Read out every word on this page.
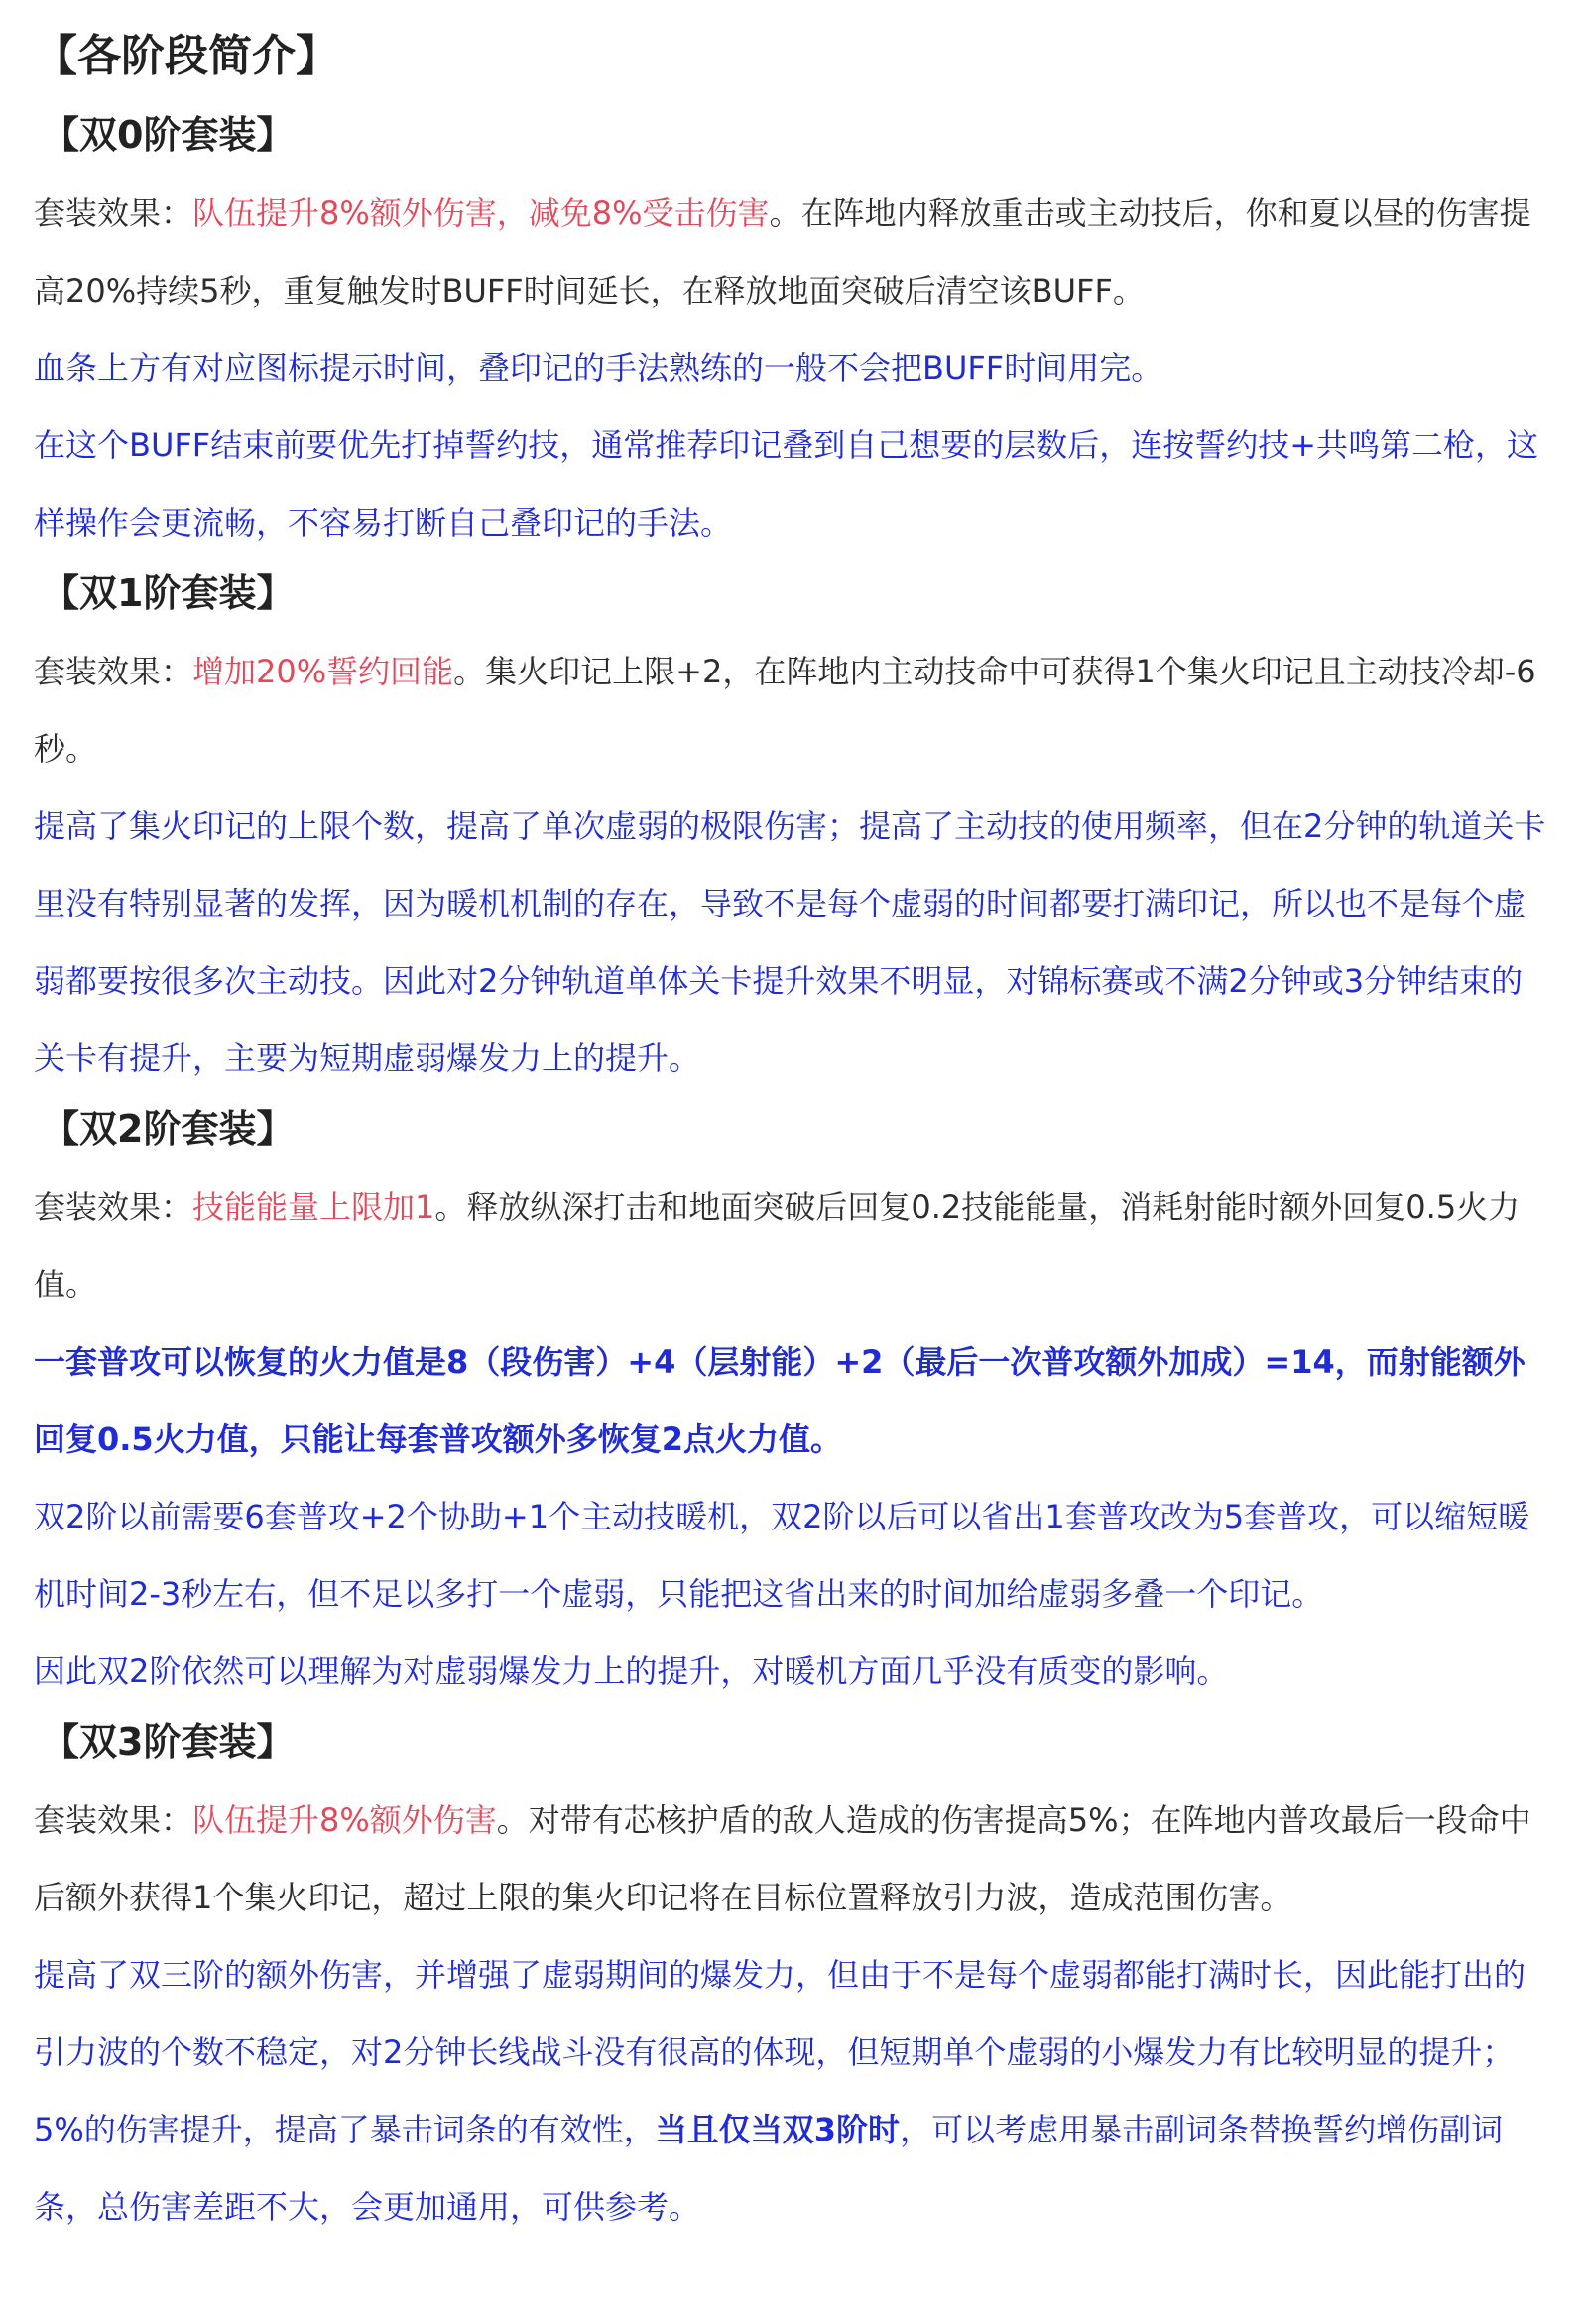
【各阶段简介】
【双0阶套装】

套装效果：队伍提升8%额外伤害，减免8%受击伤害。在阵地内释放重击或主动技后，你和夏以昼的伤害提高20%持续5秒，重复触发时BUFF时间延长，在释放地面突破后清空该BUFF。

血条上方有对应图标提示时间，叠印记的手法熟练的一般不会把BUFF时间用完。

在这个BUFF结束前要优先打掉誓约技，通常推荐印记叠到自己想要的层数后，连按誓约技+共鸣第二枪，这样操作会更流畅，不容易打断自己叠印记的手法。

【双1阶套装】

套装效果：增加20%誓约回能。集火印记上限+2，在阵地内主动技命中可获得1个集火印记且主动技冷却-6秒。

提高了集火印记的上限个数，提高了单次虚弱的极限伤害；提高了主动技的使用频率，但在2分钟的轨道关卡里没有特别显著的发挥，因为暖机机制的存在，导致不是每个虚弱的时间都要打满印记，所以也不是每个虚弱都要按很多次主动技。因此对2分钟轨道单体关卡提升效果不明显，对锦标赛或不满2分钟或3分钟结束的关卡有提升，主要为短期虚弱爆发力上的提升。

【双2阶套装】

套装效果：技能能量上限加1。释放纵深打击和地面突破后回复0.2技能能量，消耗射能时额外回复0.5火力值。

一套普攻可以恢复的火力值是8（段伤害）+4（层射能）+2（最后一次普攻额外加成）=14，而射能额外回复0.5火力值，只能让每套普攻额外多恢复2点火力值。

双2阶以前需要6套普攻+2个协助+1个主动技暖机，双2阶以后可以省出1套普攻改为5套普攻，可以缩短暖机时间2-3秒左右，但不足以多打一个虚弱，只能把这省出来的时间加给虚弱多叠一个印记。

因此双2阶依然可以理解为对虚弱爆发力上的提升，对暖机方面几乎没有质变的影响。

【双3阶套装】

套装效果：队伍提升8%额外伤害。对带有芯核护盾的敌人造成的伤害提高5%；在阵地内普攻最后一段命中后额外获得1个集火印记，超过上限的集火印记将在目标位置释放引力波，造成范围伤害。

提高了双三阶的额外伤害，并增强了虚弱期间的爆发力，但由于不是每个虚弱都能打满时长，因此能打出的引力波的个数不稳定，对2分钟长线战斗没有很高的体现，但短期单个虚弱的小爆发力有比较明显的提升；5%的伤害提升，提高了暴击词条的有效性，当且仅当双3阶时，可以考虑用暴击副词条替换誓约增伤副词条，总伤害差距不大，会更加通用，可供参考。
